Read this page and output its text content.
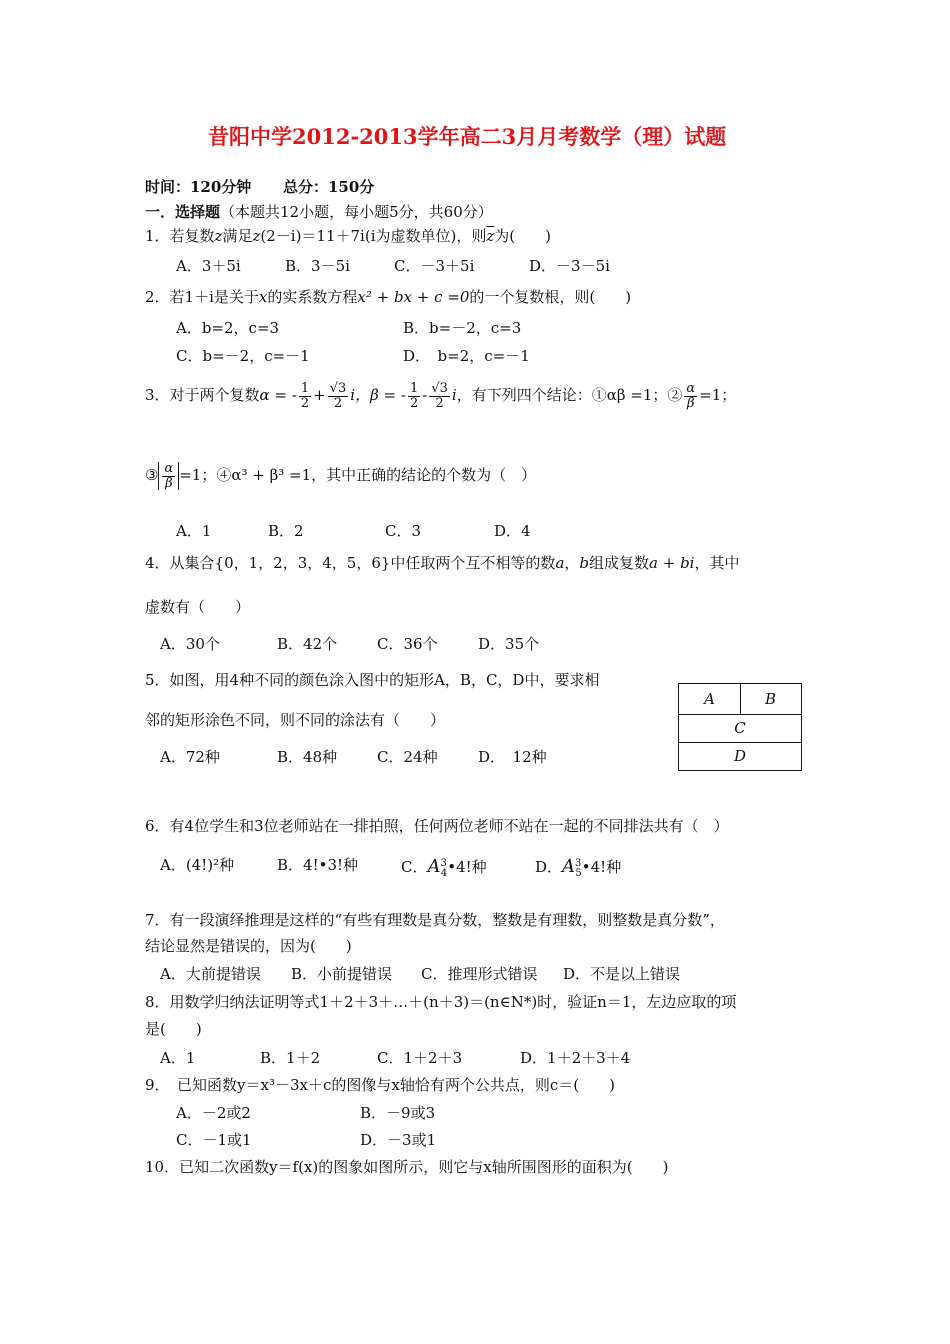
昔阳中学2012-2013学年高二3月月考数学（理）试题
时间：120分钟 总分：150分
一．选择题（本题共12小题，每小题5分，共60分）
1．若复数z满足z(2－i)＝11＋7i(i为虚数单位)，则$\overline{z}$为(　　)
A．3＋5i	B．3－5i	C．－3＋5i	D．－3－5i
2．若1＋i是关于x的实系数方程x² + bx + c =0的一个复数根，则(　　)
A．b=2，c=3	B．b=－2，c=3
C．b=－2，c=－1	D．　b=2，c=－1
3．对于两个复数α = - $\frac{1}{2} + \frac{√3}{2}$ i，β = - $\frac{1}{2} - \frac{√3}{2}$ i，有下列四个结论：①αβ =1；② $\frac{\alpha}{\beta} =1$；
③ $\frac{\alpha}{\beta} =1$；④α³ + β³ =1，其中正确的结论的个数为（　）
A．1	B．2	C．3	D．4
4．从集合{0，1，2，3，4，5，6}中任取两个互不相等的数a，b组成复数a + bi，其中
虚数有（　　）
A．30个	B．42个	C．36个	D．35个
5．如图，用4种不同的颜色涂入图中的矩形A，B，C，D中，要求相
邻的矩形涂色不同，则不同的涂法有（　　）
A．72种	B．48种	C．24种	D．　12种
A	B
C
D
6．有4位学生和3位老师站在一排拍照，任何两位老师不站在一起的不同排法共有（　）
A．(4!)²种	B．4!•3!种	C．$A^3_4•4$!种	D．$A^3_5•4$!种
7．有一段演绎推理是这样的“有些有理数是真分数，整数是有理数，则整数是真分数”，
结论显然是错误的，因为(　　)
A．大前提错误 B．小前提错误 C．推理形式错误 D．不是以上错误
8．用数学归纳法证明等式1＋2＋3＋…＋(n＋3)＝(n∈N*)时，验证n＝1，左边应取的项
是(　　)
A．1	B．1＋2	C．1＋2＋3	D．1＋2＋3＋4
9．　已知函数y＝x³－3x＋c的图像与x轴恰有两个公共点，则c＝(　　)
A．－2或2	B．－9或3
C．－1或1	D．－3或1
10．已知二次函数y＝f(x)的图象如图所示，则它与x轴所围图形的面积为(　　)
